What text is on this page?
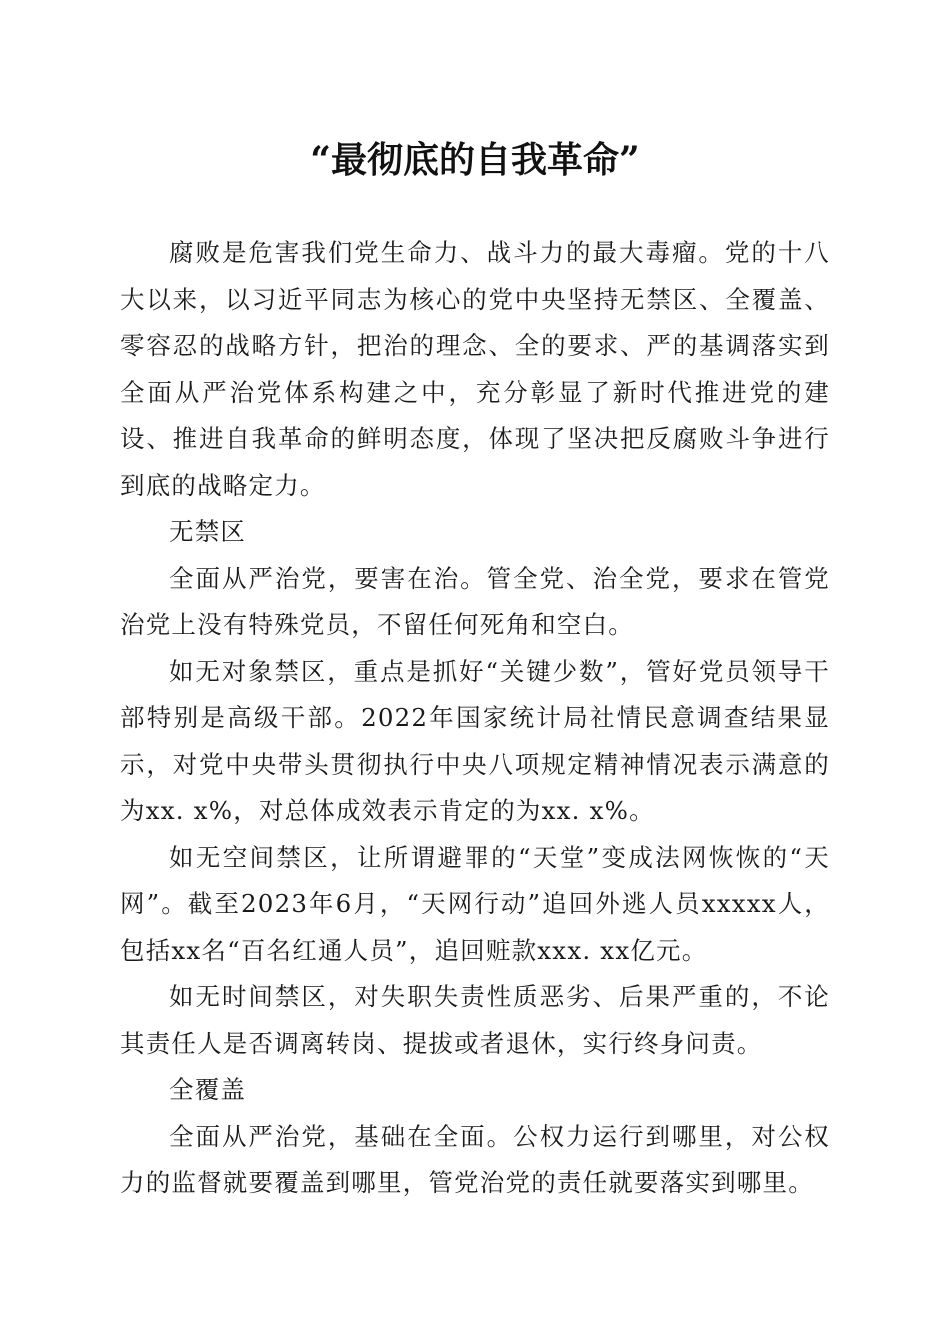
“最彻底的自我革命”

腐败是危害我们党生命力、战斗力的最大毒瘤。党的十八大以来，以习近平同志为核心的党中央坚持无禁区、全覆盖、零容忍的战略方针，把治的理念、全的要求、严的基调落实到全面从严治党体系构建之中，充分彰显了新时代推进党的建设、推进自我革命的鲜明态度，体现了坚决把反腐败斗争进行到底的战略定力。

无禁区

全面从严治党，要害在治。管全党、治全党，要求在管党治党上没有特殊党员，不留任何死角和空白。

如无对象禁区，重点是抓好“关键少数”，管好党员领导干部特别是高级干部。2022年国家统计局社情民意调查结果显示，对党中央带头贯彻执行中央八项规定精神情况表示满意的为xx. x%，对总体成效表示肯定的为xx. x%。

如无空间禁区，让所谓避罪的“天堂”变成法网恢恢的“天网”。截至2023年6月，“天网行动”追回外逃人员xxxxx人，包括xx名“百名红通人员”，追回赃款xxx. xx亿元。

如无时间禁区，对失职失责性质恶劣、后果严重的，不论其责任人是否调离转岗、提拔或者退休，实行终身问责。

全覆盖

全面从严治党，基础在全面。公权力运行到哪里，对公权力的监督就要覆盖到哪里，管党治党的责任就要落实到哪里。
